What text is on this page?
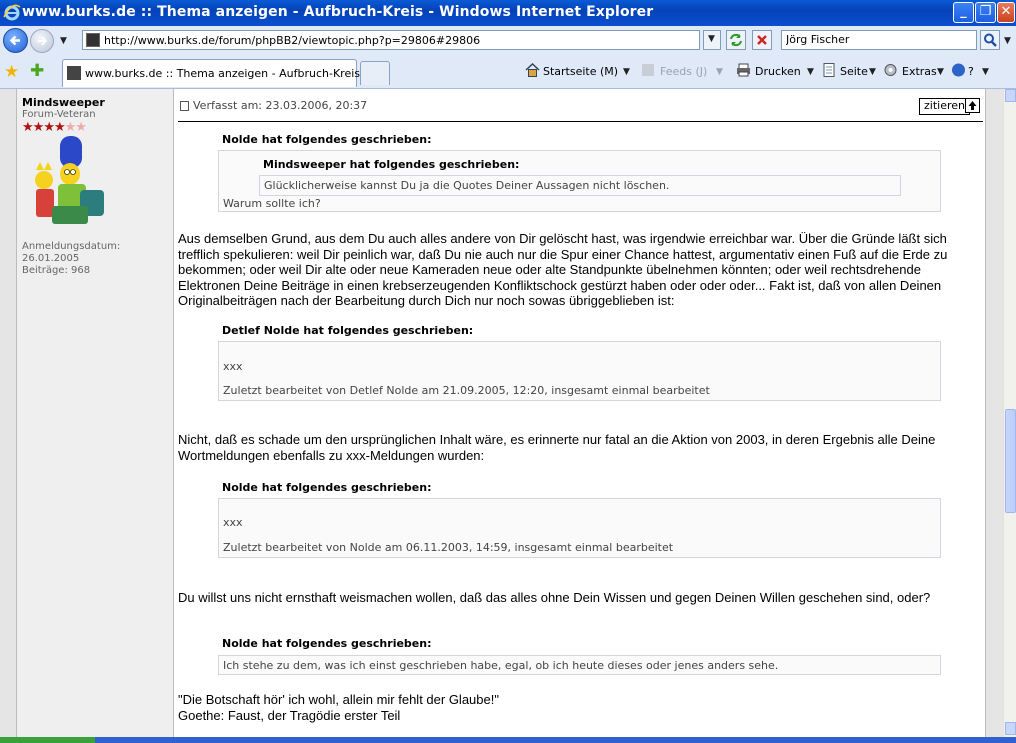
www.burks.de :: Thema anzeigen - Aufbruch-Kreis - Windows Internet Explorer	_ ❐ ✕
▼	http://www.burks.de/forum/phpBB2/viewtopic.php?p=29806#29806	▼
Jörg Fischer	▼
★ ✚	www.burks.de :: Thema anzeigen - Aufbruch-Kreis	Startseite (M) ▼	Feeds (J) ▼	Drucken ▼ Seite ▼ Extras ▼ ? ▼
Mindsweeper
Forum-Veteran
★★★★★★
Anmeldungsdatum:
26.01.2005
Beiträge: 968
Verfasst am: 23.03.2006, 20:37	zitieren
Nolde hat folgendes geschrieben:
Mindsweeper hat folgendes geschrieben:
Glücklicherweise kannst Du ja die Quotes Deiner Aussagen nicht löschen.
Warum sollte ich?
Aus demselben Grund, aus dem Du auch alles andere von Dir gelöscht hast, was irgendwie erreichbar war. Über die Gründe läßt sich trefflich spekulieren: weil Dir peinlich war, daß Du nie auch nur die Spur einer Chance hattest, argumentativ einen Fuß auf die Erde zu bekommen; oder weil Dir alte oder neue Kameraden neue oder alte Standpunkte übelnehmen könnten; oder weil rechtsdrehende Elektronen Deine Beiträge in einen krebserzeugenden Konfliktschock gestürzt haben oder oder oder... Fakt ist, daß von allen Deinen Originalbeiträgen nach der Bearbeitung durch Dich nur noch sowas übriggeblieben ist:
Detlef Nolde hat folgendes geschrieben:
xxx
Zuletzt bearbeitet von Detlef Nolde am 21.09.2005, 12:20, insgesamt einmal bearbeitet
Nicht, daß es schade um den ursprünglichen Inhalt wäre, es erinnerte nur fatal an die Aktion von 2003, in deren Ergebnis alle Deine Wortmeldungen ebenfalls zu xxx-Meldungen wurden:
Nolde hat folgendes geschrieben:
xxx
Zuletzt bearbeitet von Nolde am 06.11.2003, 14:59, insgesamt einmal bearbeitet
Du willst uns nicht ernsthaft weismachen wollen, daß das alles ohne Dein Wissen und gegen Deinen Willen geschehen sind, oder?
Nolde hat folgendes geschrieben:
Ich stehe zu dem, was ich einst geschrieben habe, egal, ob ich heute dieses oder jenes anders sehe.
"Die Botschaft hör' ich wohl, allein mir fehlt der Glaube!"
Goethe: Faust, der Tragödie erster Teil
